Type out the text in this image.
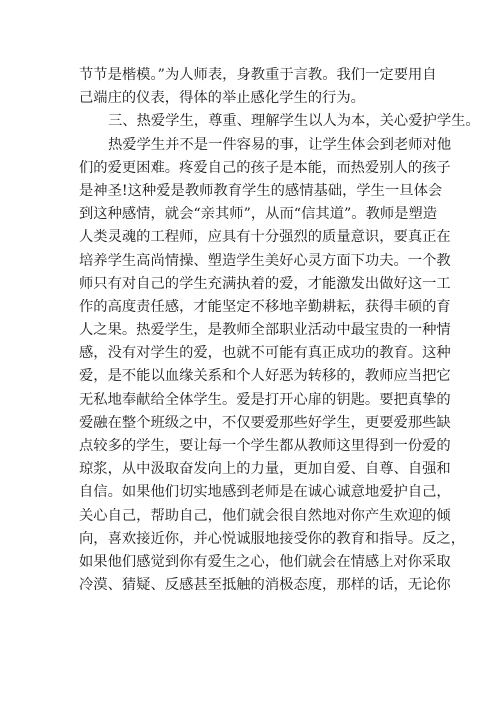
节节是楷模。”为人师表，身教重于言教。我们一定要用自
己端庄的仪表，得体的举止感化学生的行为。
三、热爱学生，尊重、理解学生以人为本，关心爱护学生。
热爱学生并不是一件容易的事，让学生体会到老师对他
们的爱更困难。疼爱自己的孩子是本能，而热爱别人的孩子
是神圣!这种爱是教师教育学生的感情基础，学生一旦体会
到这种感情，就会“亲其师”，从而“信其道”。教师是塑造
人类灵魂的工程师，应具有十分强烈的质量意识，要真正在
培养学生高尚情操、塑造学生美好心灵方面下功夫。一个教
师只有对自己的学生充满执着的爱，才能激发出做好这一工
作的高度责任感，才能坚定不移地辛勤耕耘，获得丰硕的育
人之果。热爱学生，是教师全部职业活动中最宝贵的一种情
感，没有对学生的爱，也就不可能有真正成功的教育。这种
爱，是不能以血缘关系和个人好恶为转移的，教师应当把它
无私地奉献给全体学生。爱是打开心扉的钥匙。要把真挚的
爱融在整个班级之中，不仅要爱那些好学生，更要爱那些缺
点较多的学生，要让每一个学生都从教师这里得到一份爱的
琼浆，从中汲取奋发向上的力量，更加自爱、自尊、自强和
自信。如果他们切实地感到老师是在诚心诚意地爱护自己，
关心自己，帮助自己，他们就会很自然地对你产生欢迎的倾
向，喜欢接近你，并心悦诚服地接受你的教育和指导。反之，
如果他们感觉到你有爱生之心，他们就会在情感上对你采取
冷漠、猜疑、反感甚至抵触的消极态度，那样的话，无论你
